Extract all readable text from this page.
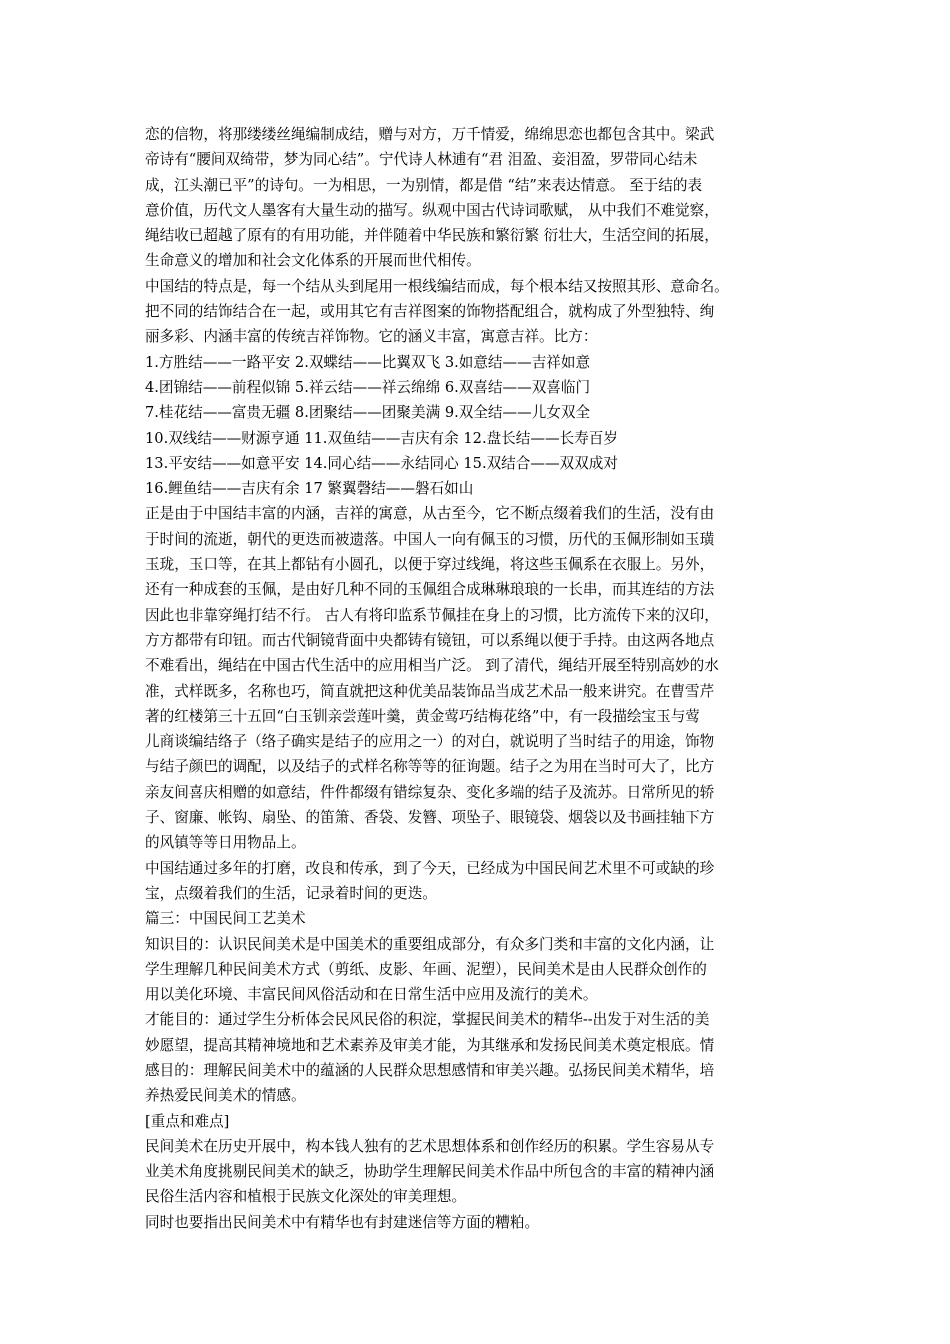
恋的信物，将那缕缕丝绳编制成结，赠与对方，万千情爱，绵绵思恋也都包含其中。梁武
帝诗有“腰间双绮带，梦为同心结”。宁代诗人林逋有“君 泪盈、妾泪盈，罗带同心结未
成，江头潮已平”的诗句。一为相思，一为别情，都是借 “结”来表达情意。 至于结的表
意价值，历代文人墨客有大量生动的描写。纵观中国古代诗词歌赋， 从中我们不难觉察，
绳结收已超越了原有的有用功能，并伴随着中华民族和繁衍繁 衍壮大，生活空间的拓展，
生命意义的增加和社会文化体系的开展而世代相传。
中国结的特点是，每一个结从头到尾用一根线编结而成，每个根本结又按照其形、意命名。
把不同的结饰结合在一起，或用其它有吉祥图案的饰物搭配组合，就构成了外型独特、绚
丽多彩、内涵丰富的传统吉祥饰物。它的涵义丰富，寓意吉祥。比方：
1.方胜结——一路平安 2.双蝶结——比翼双飞 3.如意结——吉祥如意
4.团锦结——前程似锦 5.祥云结——祥云绵绵 6.双喜结——双喜临门
7.桂花结——富贵无疆 8.团聚结——团聚美满 9.双全结——儿女双全
10.双线结——财源亨通 11.双鱼结——吉庆有余 12.盘长结——长寿百岁
13.平安结——如意平安 14.同心结——永结同心 15.双结合——双双成对
16.鲤鱼结——吉庆有余 17 繁翼磬结——磐石如山
正是由于中国结丰富的内涵，吉祥的寓意，从古至今，它不断点缀着我们的生活，没有由
于时间的流逝，朝代的更迭而被遗落。中国人一向有佩玉的习惯，历代的玉佩形制如玉璜
玉珑，玉口等，在其上都钻有小圆孔，以便于穿过线绳，将这些玉佩系在衣服上。另外，
还有一种成套的玉佩，是由好几种不同的玉佩组合成琳琳琅琅的一长串，而其连结的方法
因此也非靠穿绳打结不行。 古人有将印监系节佩挂在身上的习惯，比方流传下来的汉印，
方方都带有印钮。而古代铜镜背面中央都铸有镜钮，可以系绳以便于手持。由这两各地点
不难看出，绳结在中国古代生活中的应用相当广泛。 到了清代，绳结开展至特别高妙的水
准，式样既多，名称也巧，简直就把这种优美品装饰品当成艺术品一般来讲究。在曹雪芹
著的红楼第三十五回“白玉钏亲尝莲叶羹，黄金莺巧结梅花络”中，有一段描绘宝玉与莺
儿商谈编结络子（络子确实是结子的应用之一）的对白，就说明了当时结子的用途，饰物
与结子颜巴的调配，以及结子的式样名称等等的征询题。结子之为用在当时可大了，比方
亲友间喜庆相赠的如意结，件件都缀有错综复杂、变化多端的结子及流苏。日常所见的轿
子、窗廉、帐钩、扇坠、的笛箫、香袋、发簪、项坠子、眼镜袋、烟袋以及书画挂轴下方
的风镇等等日用物品上。
中国结通过多年的打磨，改良和传承，到了今天，已经成为中国民间艺术里不可或缺的珍
宝，点缀着我们的生活，记录着时间的更迭。
篇三：中国民间工艺美术
知识目的：认识民间美术是中国美术的重要组成部分，有众多门类和丰富的文化内涵，让
学生理解几种民间美术方式（剪纸、皮影、年画、泥塑），民间美术是由人民群众创作的
用以美化环境、丰富民间风俗活动和在日常生活中应用及流行的美术。
才能目的：通过学生分析体会民风民俗的积淀，掌握民间美术的精华--出发于对生活的美
妙愿望，提高其精神境地和艺术素养及审美才能，为其继承和发扬民间美术奠定根底。情
感目的：理解民间美术中的蕴涵的人民群众思想感情和审美兴趣。弘扬民间美术精华，培
养热爱民间美术的情感。
[重点和难点]
民间美术在历史开展中，构本钱人独有的艺术思想体系和创作经历的积累。学生容易从专
业美术角度挑剔民间美术的缺乏，协助学生理解民间美术作品中所包含的丰富的精神内涵
民俗生活内容和植根于民族文化深处的审美理想。
同时也要指出民间美术中有精华也有封建迷信等方面的糟粕。
